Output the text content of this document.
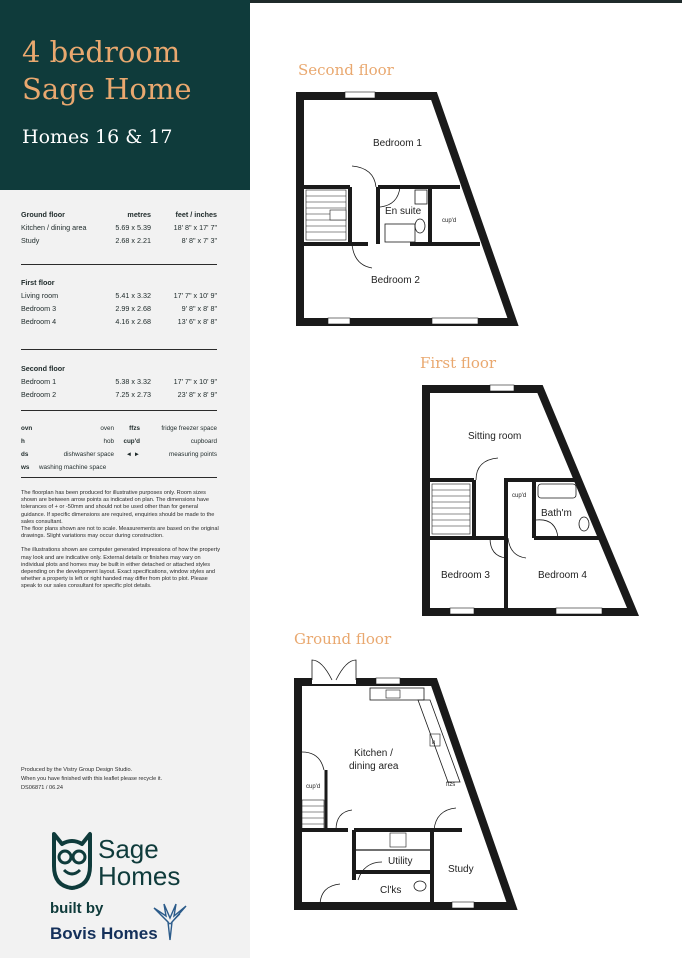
4 bedroom
Sage Home
Homes 16 & 17
Ground floor	metres	feet / inches
Kitchen / dining area	5.69 x 5.39	18' 8" x 17' 7"
Study	2.68 x 2.21	8' 8" x 7' 3"
First floor
Living room	5.41 x 3.32	17' 7" x 10' 9"
Bedroom 3	2.99 x 2.68	9' 8" x 8' 8"
Bedroom 4	4.16 x 2.68	13' 6" x 8' 8"
Second floor
Bedroom 1	5.38 x 3.32	17' 7" x 10' 9"
Bedroom 2	7.25 x 2.73	23' 8" x 8' 9"
ovn	oven	ffzs	fridge freezer space
h	hob	cup'd	cupboard
ds	dishwasher space	◄ ►	measuring points
ws	washing machine space

The floorplan has been produced for illustrative purposes only. Room sizes shown are between arrow points as indicated on plan. The dimensions have tolerances of + or -50mm and should not be used other than for general guidance. If specific dimensions are required, enquiries should be made to the sales consultant.

The floor plans shown are not to scale. Measurements are based on the original drawings. Slight variations may occur during construction.

The illustrations shown are computer generated impressions of how the property may look and are indicative only. External details or finishes may vary on individual plots and homes may be built in either detached or attached styles depending on the development layout. Exact specifications, window styles and whether a property is left or right handed may differ from plot to plot. Please speak to our sales consultant for specific plot details.

Produced by the Vistry Group Design Studio.
When you have finished with this leaflet please recycle it.
DS06871 / 06.24
Sage
Homes
built by
Bovis Homes
Second floor
Bedroom 1
En suite
cup'd
Bedroom 2
First floor
Sitting room
cup'd
Bath'm
Bedroom 3	Bedroom 4
Ground floor
h
ffzs
Kitchen /
dining area
cup'd
Utility
Cl'ks
Study
